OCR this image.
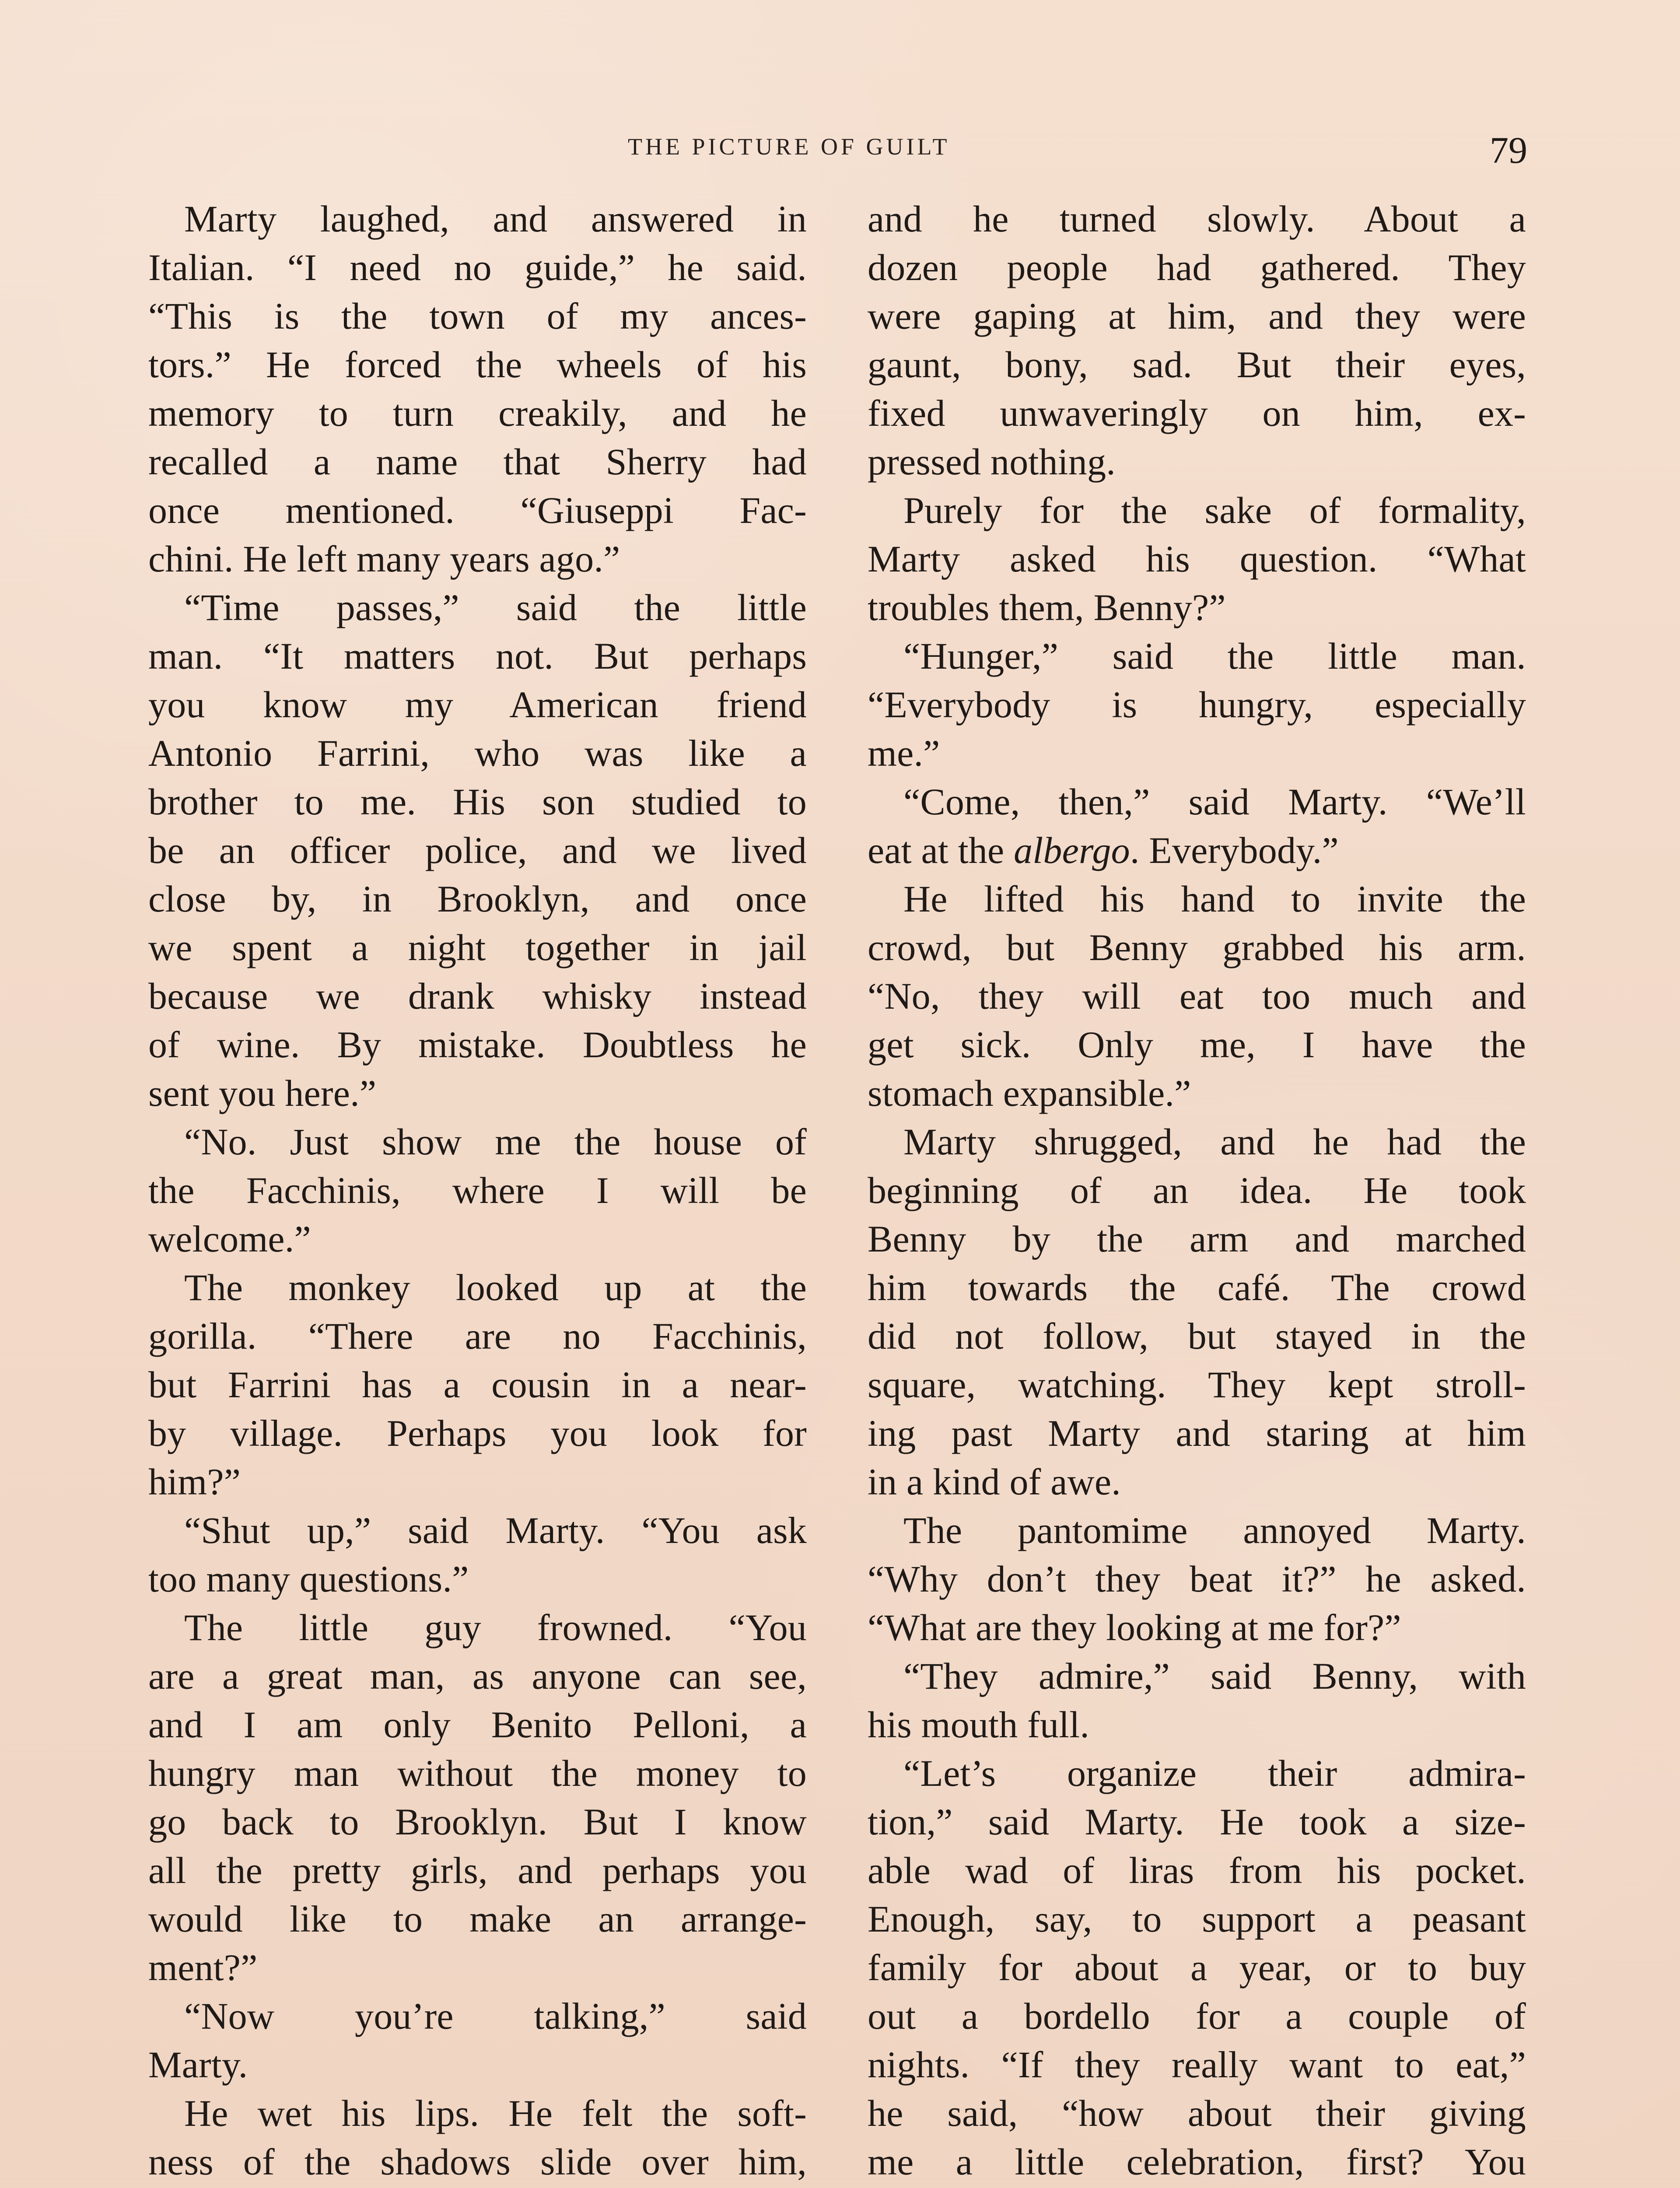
THE PICTURE OF GUILT	79
Marty laughed, and answered in
Italian. “I need no guide,” he said.
“This is the town of my ances-
tors.” He forced the wheels of his
memory to turn creakily, and he
recalled a name that Sherry had
once mentioned. “Giuseppi Fac-
chini. He left many years ago.”
“Time passes,” said the little
man. “It matters not. But perhaps
you know my American friend
Antonio Farrini, who was like a
brother to me. His son studied to
be an officer police, and we lived
close by, in Brooklyn, and once
we spent a night together in jail
because we drank whisky instead
of wine. By mistake. Doubtless he
sent you here.”
“No. Just show me the house of
the Facchinis, where I will be
welcome.”
The monkey looked up at the
gorilla. “There are no Facchinis,
but Farrini has a cousin in a near-
by village. Perhaps you look for
him?”
“Shut up,” said Marty. “You ask
too many questions.”
The little guy frowned. “You
are a great man, as anyone can see,
and I am only Benito Pelloni, a
hungry man without the money to
go back to Brooklyn. But I know
all the pretty girls, and perhaps you
would like to make an arrange-
ment?”
“Now you’re talking,” said
Marty.
He wet his lips. He felt the soft-
ness of the shadows slide over him,
and he turned slowly. About a
dozen people had gathered. They
were gaping at him, and they were
gaunt, bony, sad. But their eyes,
fixed unwaveringly on him, ex-
pressed nothing.
Purely for the sake of formality,
Marty asked his question. “What
troubles them, Benny?”
“Hunger,” said the little man.
“Everybody is hungry, especially
me.”
“Come, then,” said Marty. “We’ll
eat at the albergo. Everybody.”
He lifted his hand to invite the
crowd, but Benny grabbed his arm.
“No, they will eat too much and
get sick. Only me, I have the
stomach expansible.”
Marty shrugged, and he had the
beginning of an idea. He took
Benny by the arm and marched
him towards the café. The crowd
did not follow, but stayed in the
square, watching. They kept stroll-
ing past Marty and staring at him
in a kind of awe.
The pantomime annoyed Marty.
“Why don’t they beat it?” he asked.
“What are they looking at me for?”
“They admire,” said Benny, with
his mouth full.
“Let’s organize their admira-
tion,” said Marty. He took a size-
able wad of liras from his pocket.
Enough, say, to support a peasant
family for about a year, or to buy
out a bordello for a couple of
nights. “If they really want to eat,”
he said, “how about their giving
me a little celebration, first? You
